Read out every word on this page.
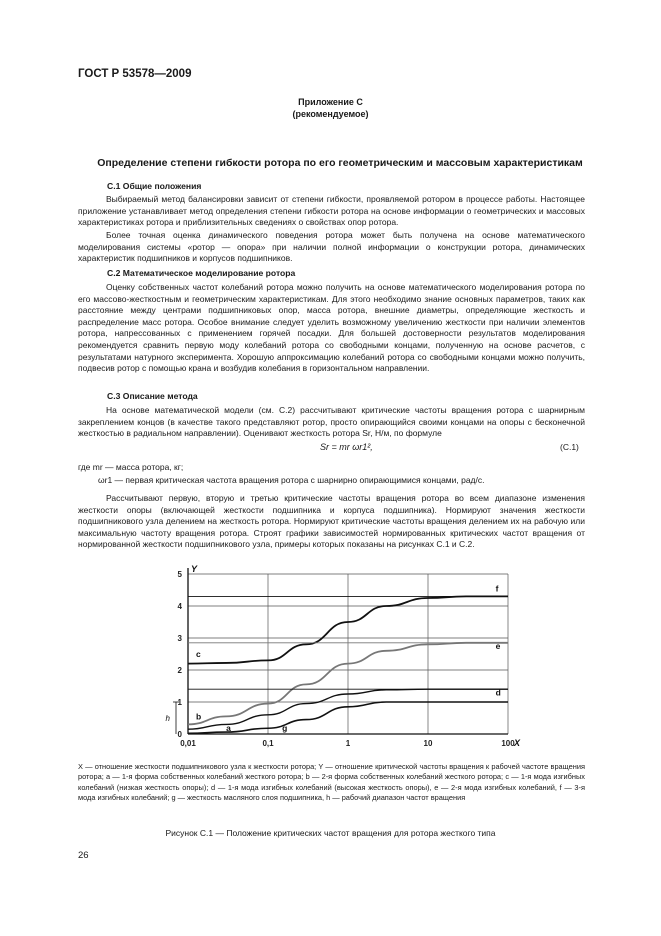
ГОСТ Р 53578—2009
Приложение С
(рекомендуемое)
Определение степени гибкости ротора по его геометрическим и массовым характеристикам
С.1 Общие положения
Выбираемый метод балансировки зависит от степени гибкости, проявляемой ротором в процессе работы. Настоящее приложение устанавливает метод определения степени гибкости ротора на основе информации о геометрических и массовых характеристиках ротора и приблизительных сведениях о свойствах опор ротора.
Более точная оценка динамического поведения ротора может быть получена на основе математического моделирования системы «ротор — опора» при наличии полной информации о конструкции ротора, динамических характеристик подшипников и корпусов подшипников.
С.2 Математическое моделирование ротора
Оценку собственных частот колебаний ротора можно получить на основе математического моделирования ротора по его массово-жесткостным и геометрическим характеристикам. Для этого необходимо знание основных параметров, таких как расстояние между центрами подшипниковых опор, масса ротора, внешние диаметры, определяющие жесткость и распределение масс ротора. Особое внимание следует уделить возможному увеличению жесткости при наличии элементов ротора, напрессованных с применением горячей посадки. Для большей достоверности результатов моделирования рекомендуется сравнить первую моду колебаний ротора со свободными концами, полученную на основе расчетов, с результатами натурного эксперимента. Хорошую аппроксимацию колебаний ротора со свободными концами можно получить, подвесив ротор с помощью крана и возбудив колебания в горизонтальном направлении.
С.3 Описание метода
На основе математической модели (см. С.2) рассчитывают критические частоты вращения ротора с шарнирным закреплением концов (в качестве такого представляют ротор, просто опирающийся своими концами на опоры с бесконечной жесткостью в радиальном направлении). Оценивают жесткость ротора Sr, Н/м, по формуле
Sr = mr ωr1²,	(С.1)
где mr — масса ротора, кг;
ωr1 — первая критическая частота вращения ротора с шарнирно опирающимися концами, рад/с.
Рассчитывают первую, вторую и третью критические частоты вращения ротора во всем диапазоне изменения жесткости опоры (включающей жесткости подшипника и корпуса подшипника). Нормируют значения жесткости подшипникового узла делением на жесткость ротора. Нормируют критические частоты вращения делением их на рабочую или максимальную частоту вращения ротора. Строят графики зависимостей нормированных критических частот вращения от нормированной жесткости подшипникового узла, примеры которых показаны на рисунках С.1 и С.2.
0
1
2
3
4
5
0,01	0,1	1	10	100 X
Y
f
e
d
c
b
a	g
h
X — отношение жесткости подшипникового узла к жесткости ротора; Y — отношение критической частоты вращения к рабочей частоте вращения ротора; a — 1-я форма собственных колебаний жесткого ротора; b — 2-я форма собственных колебаний жесткого ротора; c — 1-я мода изгибных колебаний (низкая жесткость опоры); d — 1-я мода изгибных колебаний (высокая жесткость опоры), e — 2-я мода изгибных колебаний, f — 3-я мода изгибных колебаний; g — жесткость масляного слоя подшипника, h — рабочий диапазон частот вращения
Рисунок С.1 — Положение критических частот вращения для ротора жесткого типа
26
